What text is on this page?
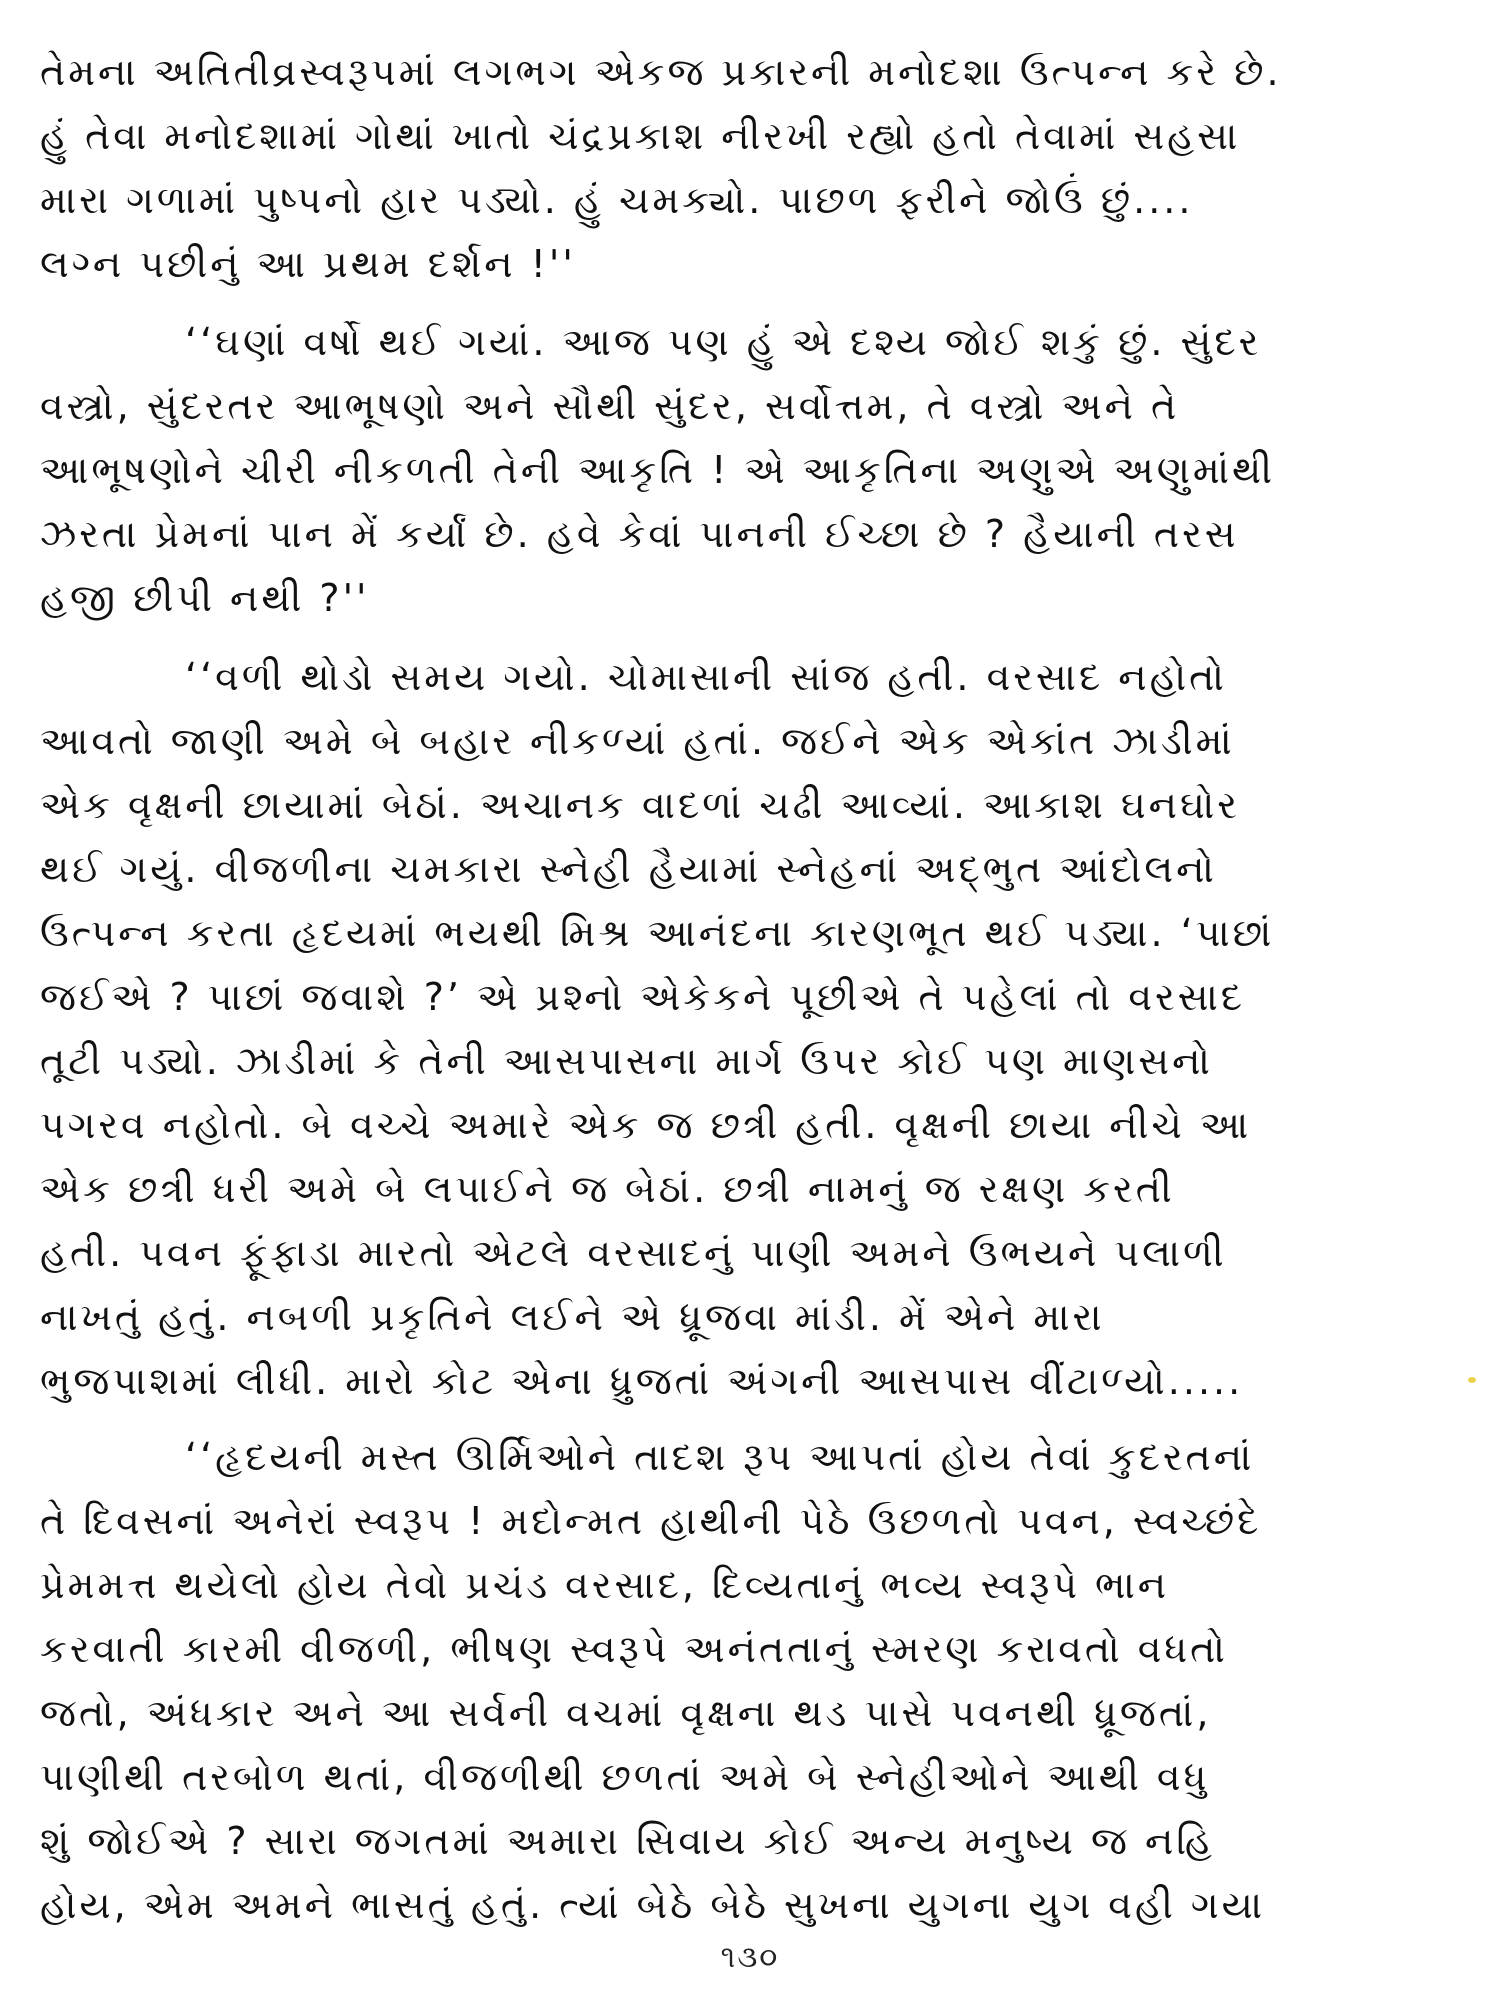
તેમના અતિતીવ્રસ્વરૂપમાં લગભગ એકજ પ્રકારની મનોદશા ઉત્પન્ન કરે છે.
હું તેવા મનોદશામાં ગોથાં ખાતો ચંદ્રપ્રકાશ નીરખી રહ્યો હતો તેવામાં સહસા
મારા ગળામાં પુષ્પનો હાર પડ્યો. હું ચમક્યો. પાછળ ફરીને જોઉં છું....
લગ્ન પછીનું આ પ્રથમ દર્શન !''
‘‘ઘણાં વર્ષો થઈ ગયાં. આજ પણ હું એ દશ્ય જોઈ શકું છું. સુંદર
વસ્ત્રો, સુંદરતર આભૂષણો અને સૌથી સુંદર, સર્વોત્તમ, તે વસ્ત્રો અને તે
આભૂષણોને ચીરી નીકળતી તેની આકૃતિ ! એ આકૃતિના અણુએ અણુમાંથી
ઝરતા પ્રેમનાં પાન મેં કર્યાં છે. હવે કેવાં પાનની ઈચ્છા છે ? હૈયાની તરસ
હજી છીપી નથી ?''
‘‘વળી થોડો સમય ગયો. ચોમાસાની સાંજ હતી. વરસાદ નહોતો
આવતો જાણી અમે બે બહાર નીકળ્યાં હતાં. જઈને એક એકાંત ઝાડીમાં
એક વૃક્ષની છાયામાં બેઠાં. અચાનક વાદળાં ચઢી આવ્યાં. આકાશ ઘનઘોર
થઈ ગયું. વીજળીના ચમકારા સ્નેહી હૈયામાં સ્નેહનાં અદ્ભુત આંદોલનો
ઉત્પન્ન કરતા હૃદયમાં ભયથી મિશ્ર આનંદના કારણભૂત થઈ પડ્યા. ‘પાછાં
જઈએ ? પાછાં જવાશે ?’ એ પ્રશ્નો એકેકને પૂછીએ તે પહેલાં તો વરસાદ
તૂટી પડ્યો. ઝાડીમાં કે તેની આસપાસના માર્ગ ઉપર કોઈ પણ માણસનો
પગરવ નહોતો. બે વચ્ચે અમારે એક જ છત્રી હતી. વૃક્ષની છાયા નીચે આ
એક છત્રી ધરી અમે બે લપાઈને જ બેઠાં. છત્રી નામનું જ રક્ષણ કરતી
હતી. પવન ફૂંફાડા મારતો એટલે વરસાદનું પાણી અમને ઉભયને પલાળી
નાખતું હતું. નબળી પ્રકૃતિને લઈને એ ધ્રૂજવા માંડી. મેં એને મારા
ભુજપાશમાં લીધી. મારો કોટ એના ધ્રુજતાં અંગની આસપાસ વીંટાળ્યો.....
‘‘હૃદયની મસ્ત ઊર્મિઓને તાદશ રૂપ આપતાં હોય તેવાં કુદરતનાં
તે દિવસનાં અનેરાં સ્વરૂપ ! મદોન્મત હાથીની પેઠે ઉછળતો પવન, સ્વચ્છંદે
પ્રેમમત્ત થયેલો હોય તેવો પ્રચંડ વરસાદ, દિવ્યતાનું ભવ્ય સ્વરૂપે ભાન
કરવાતી કારમી વીજળી, ભીષણ સ્વરૂપે અનંતતાનું સ્મરણ કરાવતો વધતો
જતો, અંધકાર અને આ સર્વની વચમાં વૃક્ષના થડ પાસે પવનથી ધ્રૂજતાં,
પાણીથી તરબોળ થતાં, વીજળીથી છળતાં અમે બે સ્નેહીઓને આથી વધુ
શું જોઈએ ? સારા જગતમાં અમારા સિવાય કોઈ અન્ય મનુષ્ય જ નહિ
હોય, એમ અમને ભાસતું હતું. ત્યાં બેઠે બેઠે સુખના યુગના યુગ વહી ગયા
૧૩૦
